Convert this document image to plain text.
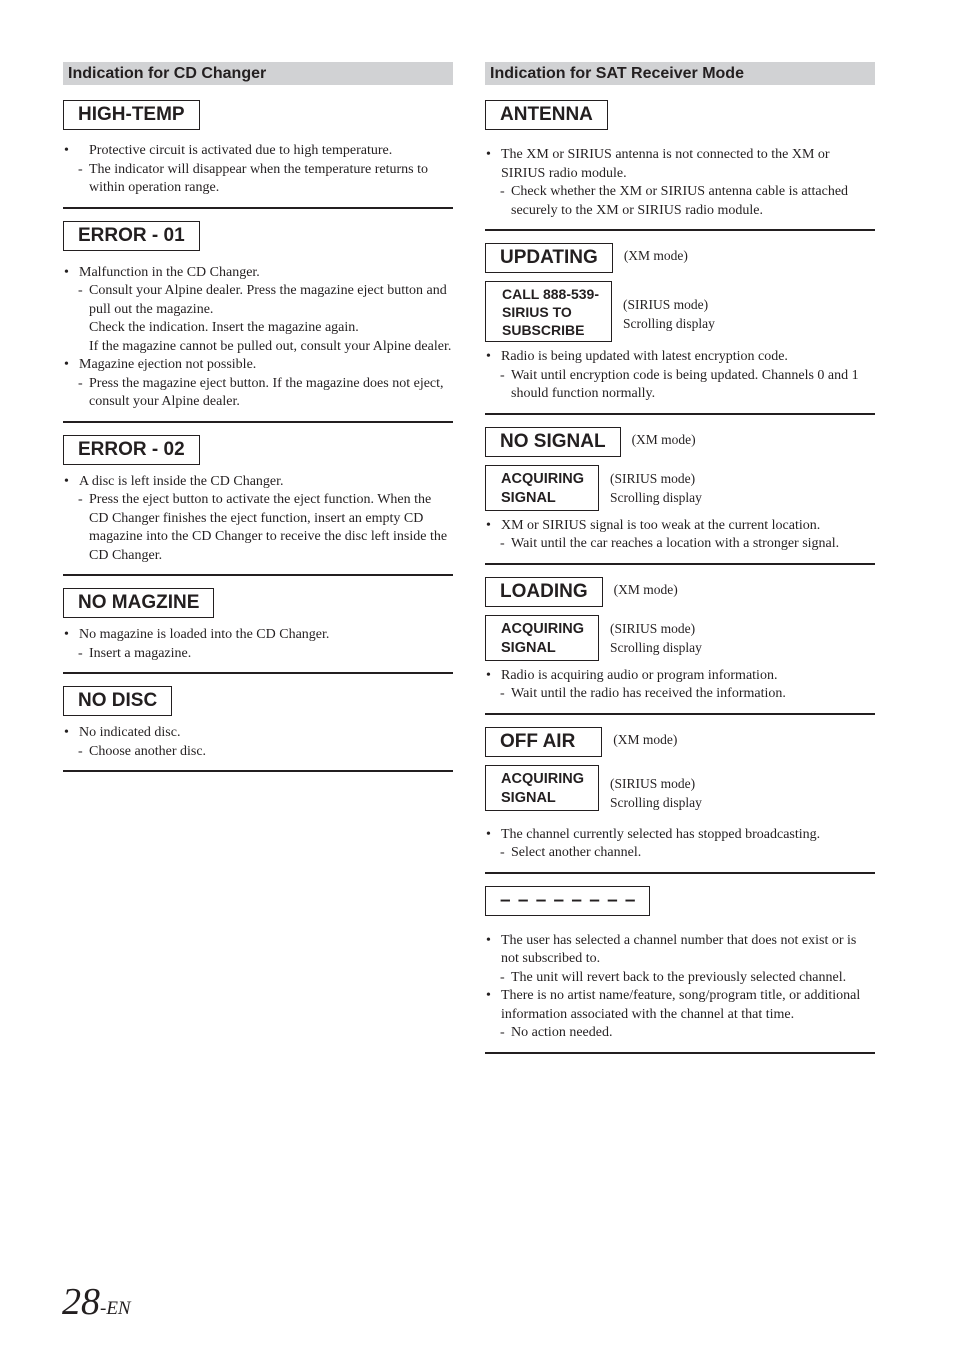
Indication for CD Changer
HIGH-TEMP
•	Protective circuit is activated due to high temperature.
- The indicator will disappear when the temperature returns to within operation range.
ERROR - 01
• Malfunction in the CD Changer.
- Consult your Alpine dealer. Press the magazine eject button and pull out the magazine.
Check the indication. Insert the magazine again.
If the magazine cannot be pulled out, consult your Alpine dealer.
• Magazine ejection not possible.
- Press the magazine eject button. If the magazine does not eject, consult your Alpine dealer.
ERROR - 02
• A disc is left inside the CD Changer.
- Press the eject button to activate the eject function. When the CD Changer finishes the eject function, insert an empty CD magazine into the CD Changer to receive the disc left inside the CD Changer.
NO MAGZINE
• No magazine is loaded into the CD Changer.
- Insert a magazine.
NO DISC
• No indicated disc.
- Choose another disc.
Indication for SAT Receiver Mode
ANTENNA
• The XM or SIRIUS antenna is not connected to the XM or SIRIUS radio module.
- Check whether the XM or SIRIUS antenna cable is attached securely to the XM or SIRIUS radio module.
UPDATING	(XM mode)
CALL 888-539-
SIRIUS TO
SUBSCRIBE
(SIRIUS mode)
Scrolling display
• Radio is being updated with latest encryption code.
- Wait until encryption code is being updated. Channels 0 and 1 should function normally.
NO SIGNAL	(XM mode)
ACQUIRING
SIGNAL
(SIRIUS mode)
Scrolling display
• XM or SIRIUS signal is too weak at the current location.
- Wait until the car reaches a location with a stronger signal.
LOADING	(XM mode)
ACQUIRING
SIGNAL
(SIRIUS mode)
Scrolling display
• Radio is acquiring audio or program information.
- Wait until the radio has received the information.
OFF AIR	(XM mode)
ACQUIRING
SIGNAL
(SIRIUS mode)
Scrolling display
• The channel currently selected has stopped broadcasting.
- Select another channel.
– – – – – – – –
• The user has selected a channel number that does not exist or is not subscribed to.
- The unit will revert back to the previously selected channel.
• There is no artist name/feature, song/program title, or additional information associated with the channel at that time.
- No action needed.
28-EN
